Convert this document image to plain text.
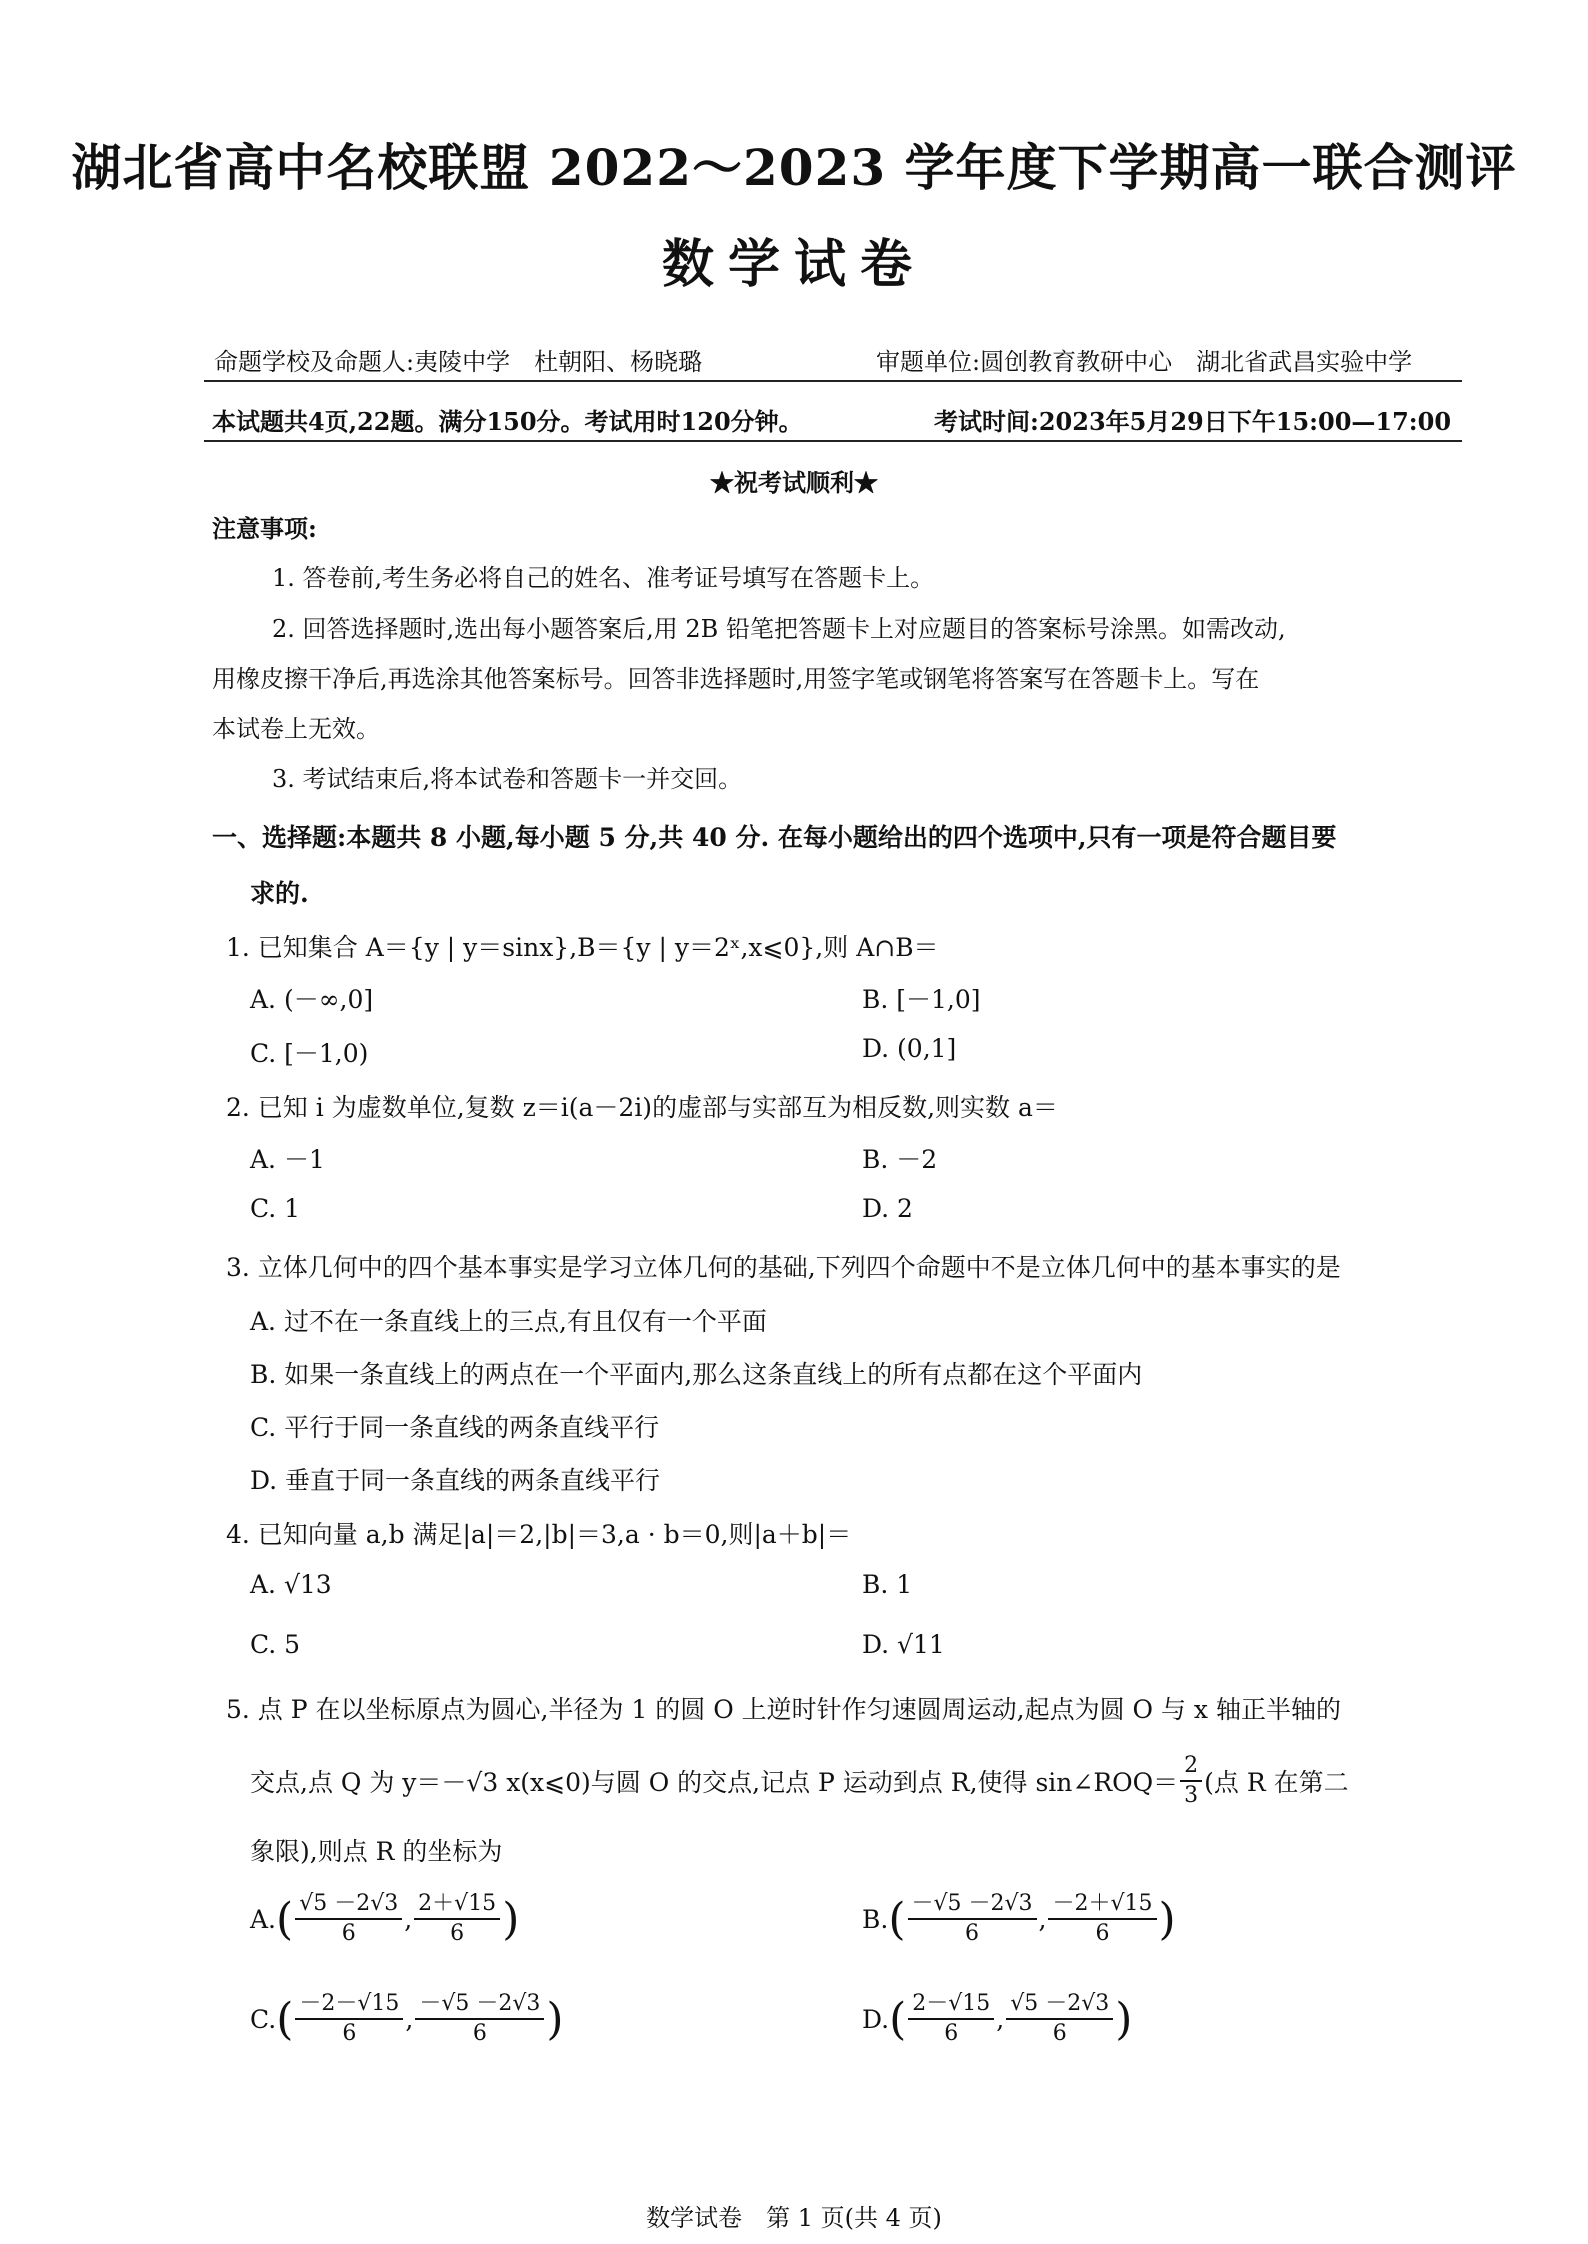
湖北省高中名校联盟 2022～2023 学年度下学期高一联合测评
数学试卷
命题学校及命题人:夷陵中学　杜朝阳、杨晓璐	审题单位:圆创教育教研中心　湖北省武昌实验中学
本试题共4页,22题。满分150分。考试用时120分钟。	考试时间:2023年5月29日下午15:00—17:00
★祝考试顺利★
注意事项:
1. 答卷前,考生务必将自己的姓名、准考证号填写在答题卡上。
2. 回答选择题时,选出每小题答案后,用 2B 铅笔把答题卡上对应题目的答案标号涂黑。如需改动,
用橡皮擦干净后,再选涂其他答案标号。回答非选择题时,用签字笔或钢笔将答案写在答题卡上。写在
本试卷上无效。
3. 考试结束后,将本试卷和答题卡一并交回。
一、选择题:本题共 8 小题,每小题 5 分,共 40 分. 在每小题给出的四个选项中,只有一项是符合题目要
求的.
1. 已知集合 A＝{y | y＝sinx},B＝{y | y＝2ˣ,x⩽0},则 A∩B＝
A. (－∞,0]	B. [－1,0]
C. [－1,0)	D. (0,1]
2. 已知 i 为虚数单位,复数 z＝i(a－2i)的虚部与实部互为相反数,则实数 a＝
A. －1	B. －2
C. 1	D. 2
3. 立体几何中的四个基本事实是学习立体几何的基础,下列四个命题中不是立体几何中的基本事实的是
A. 过不在一条直线上的三点,有且仅有一个平面
B. 如果一条直线上的两点在一个平面内,那么这条直线上的所有点都在这个平面内
C. 平行于同一条直线的两条直线平行
D. 垂直于同一条直线的两条直线平行
4. 已知向量 a,b 满足|a|＝2,|b|＝3,a · b＝0,则|a＋b|＝
A. √13	B. 1
C. 5	D. √11
5. 点 P 在以坐标原点为圆心,半径为 1 的圆 O 上逆时针作匀速圆周运动,起点为圆 O 与 x 轴正半轴的
交点,点 Q 为 y＝－√3 x(x⩽0)与圆 O 的交点,记点 P 运动到点 R,使得 sin∠ROQ＝ $\frac{2}{3}$ (点 R 在第二
象限),则点 R 的坐标为
A. ( $\frac{√5 -2√3}{6}$ , $\frac{2+√15}{6}$ )	B. ( $\frac{-√5 -2√3}{6}$ , $\frac{-2+√15}{6}$ )
C. ( $\frac{-2-√15}{6}$ , $\frac{-√5 -2√3}{6}$ )	D. ( $\frac{2-√15}{6}$ , $\frac{√5 -2√3}{6}$ )
数学试卷　第 1 页(共 4 页)
